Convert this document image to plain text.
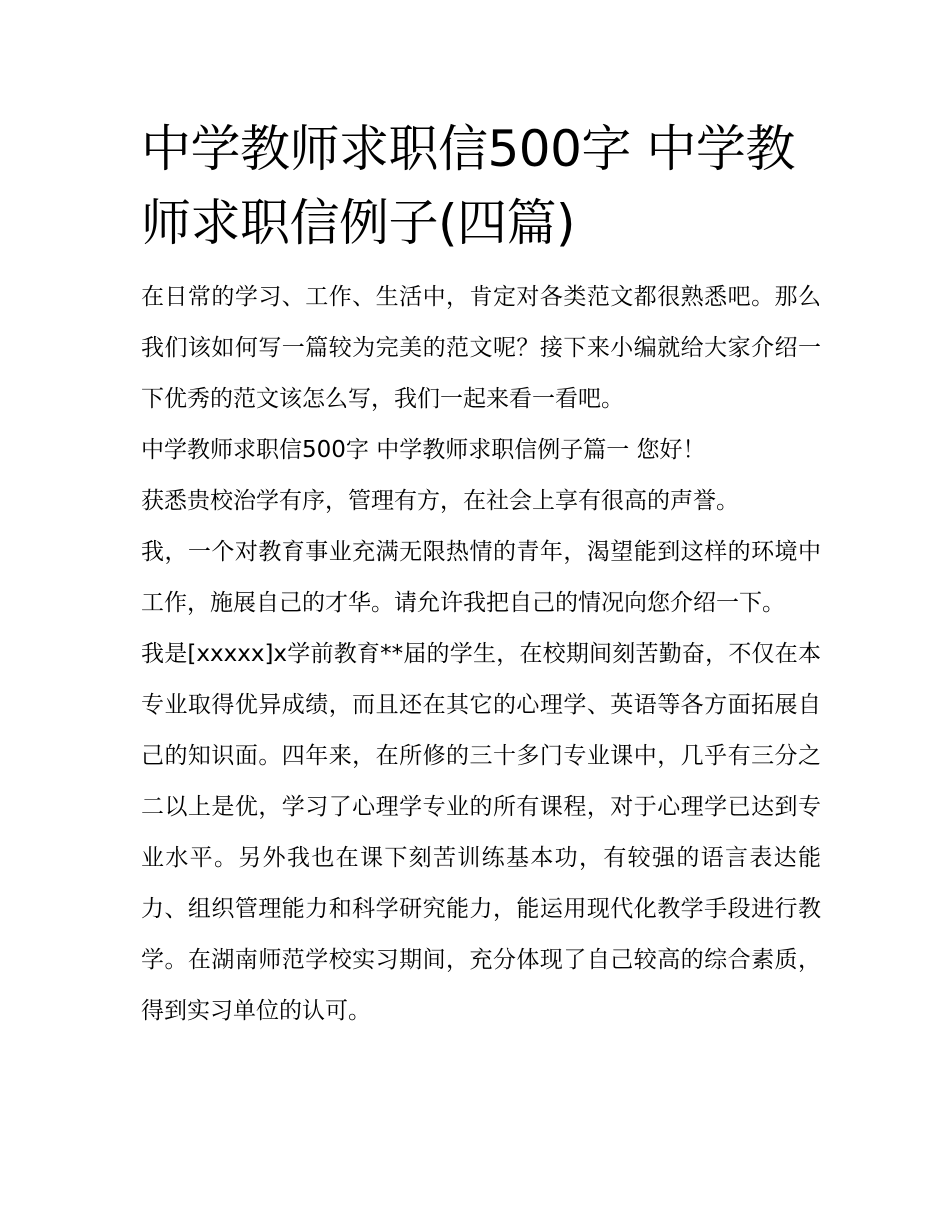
中学教师求职信500字 中学教师求职信例子(四篇)

在日常的学习、工作、生活中，肯定对各类范文都很熟悉吧。那么我们该如何写一篇较为完美的范文呢？接下来小编就给大家介绍一下优秀的范文该怎么写，我们一起来看一看吧。

中学教师求职信500字 中学教师求职信例子篇一 您好！

获悉贵校治学有序，管理有方，在社会上享有很高的声誉。

我，一个对教育事业充满无限热情的青年，渴望能到这样的环境中工作，施展自己的才华。请允许我把自己的情况向您介绍一下。

我是[xxxxx]x学前教育**届的学生，在校期间刻苦勤奋，不仅在本专业取得优异成绩，而且还在其它的心理学、英语等各方面拓展自己的知识面。四年来，在所修的三十多门专业课中，几乎有三分之二以上是优，学习了心理学专业的所有课程，对于心理学已达到专业水平。另外我也在课下刻苦训练基本功，有较强的语言表达能力、组织管理能力和科学研究能力，能运用现代化教学手段进行教学。在湖南师范学校实习期间，充分体现了自己较高的综合素质，得到实习单位的认可。
